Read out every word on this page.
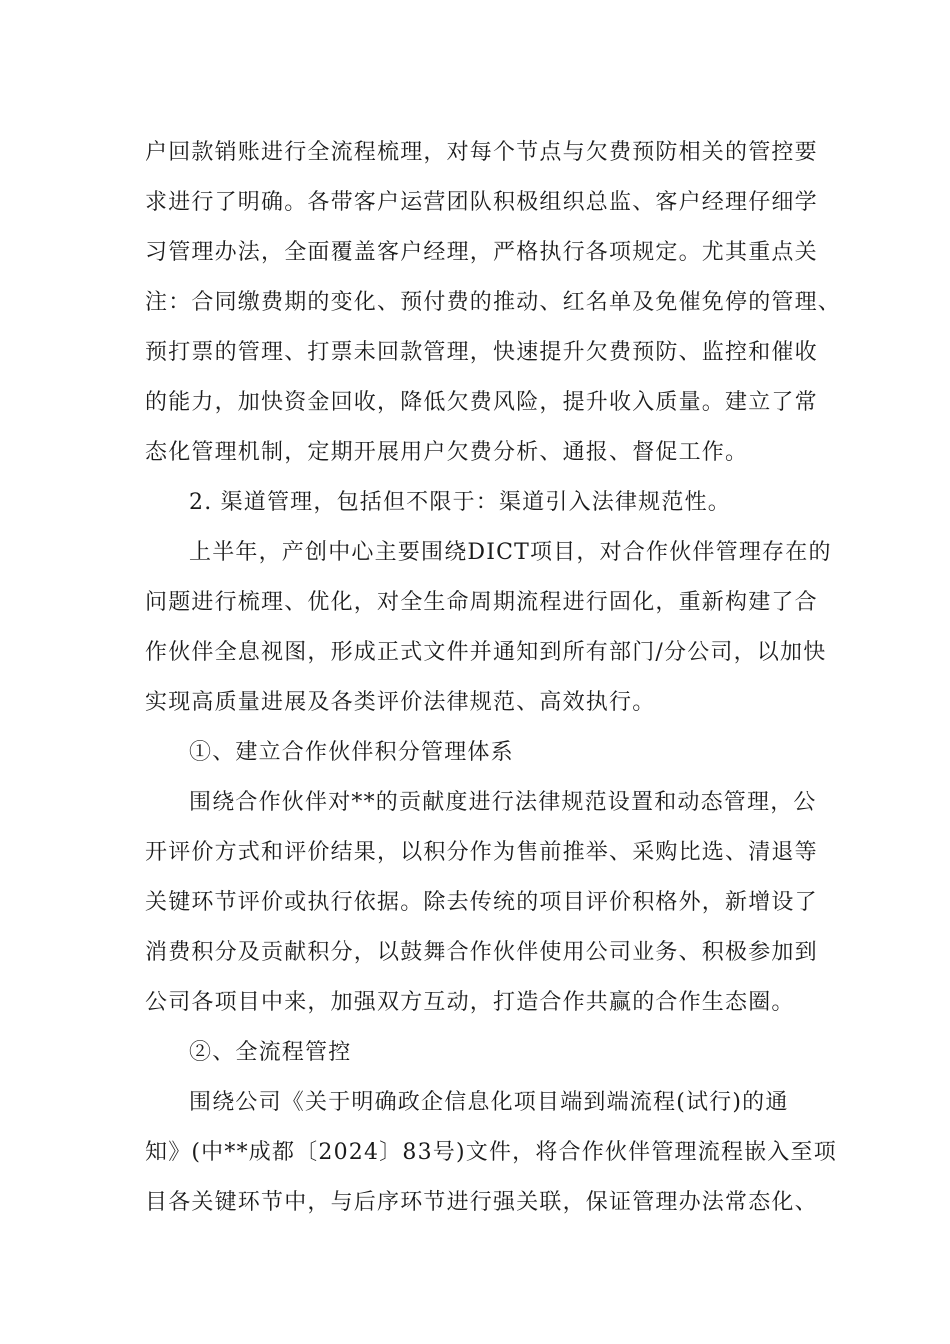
户回款销账进行全流程梳理，对每个节点与欠费预防相关的管控要
求进行了明确。各带客户运营团队积极组织总监、客户经理仔细学
习管理办法，全面覆盖客户经理，严格执行各项规定。尤其重点关
注：合同缴费期的变化、预付费的推动、红名单及免催免停的管理、
预打票的管理、打票未回款管理，快速提升欠费预防、监控和催收
的能力，加快资金回收，降低欠费风险，提升收入质量。建立了常
态化管理机制，定期开展用户欠费分析、通报、督促工作。
2. 渠道管理，包括但不限于：渠道引入法律规范性。
上半年，产创中心主要围绕DICT项目，对合作伙伴管理存在的
问题进行梳理、优化，对全生命周期流程进行固化，重新构建了合
作伙伴全息视图，形成正式文件并通知到所有部门/分公司，以加快
实现高质量进展及各类评价法律规范、高效执行。
①、建立合作伙伴积分管理体系
围绕合作伙伴对**的贡献度进行法律规范设置和动态管理，公
开评价方式和评价结果，以积分作为售前推举、采购比选、清退等
关键环节评价或执行依据。除去传统的项目评价积格外，新增设了
消费积分及贡献积分，以鼓舞合作伙伴使用公司业务、积极参加到
公司各项目中来，加强双方互动，打造合作共赢的合作生态圈。
②、全流程管控
围绕公司《关于明确政企信息化项目端到端流程(试行)的通
知》(中**成都〔2024〕83号)文件，将合作伙伴管理流程嵌入至项
目各关键环节中，与后序环节进行强关联，保证管理办法常态化、
